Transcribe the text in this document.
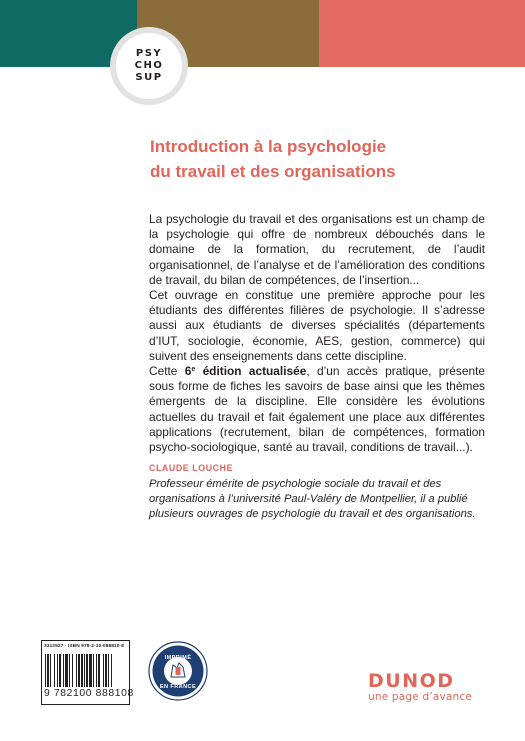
PSY
CHO
SUP
Introduction à la psychologie
du travail et des organisations

La psychologie du travail et des organisations est un champ de la psychologie qui offre de nombreux débouchés dans le domaine de la formation, du recrutement, de l’audit organisationnel, de l’analyse et de l’amélioration des conditions de travail, du bilan de compétences, de l’insertion...

Cet ouvrage en constitue une première approche pour les étudiants des différentes filières de psychologie. Il s’adresse aussi aux étudiants de diverses spécialités (départements d’IUT, sociologie, économie, AES, gestion, commerce) qui suivent des enseignements dans cette discipline.

Cette 6e édition actualisée, d’un accès pratique, présente sous forme de fiches les savoirs de base ainsi que les thèmes émergents de la discipline. Elle considère les évolutions actuelles du travail et fait également une place aux différentes applications (recrutement, bilan de compétences, formation psycho-sociologique, santé au travail, conditions de travail...).

CLAUDE LOUCHE
Professeur émérite de psychologie sociale du travail et des organisations à l’université Paul-Valéry de Montpellier, il a publié plusieurs ouvrages de psychologie du travail et des organisations.
3312927 · ISBN 978-2-10-088810-8
9 782100 888108
IMPRIMÉ
EN FRANCE	DUNOD
une page d’avance
